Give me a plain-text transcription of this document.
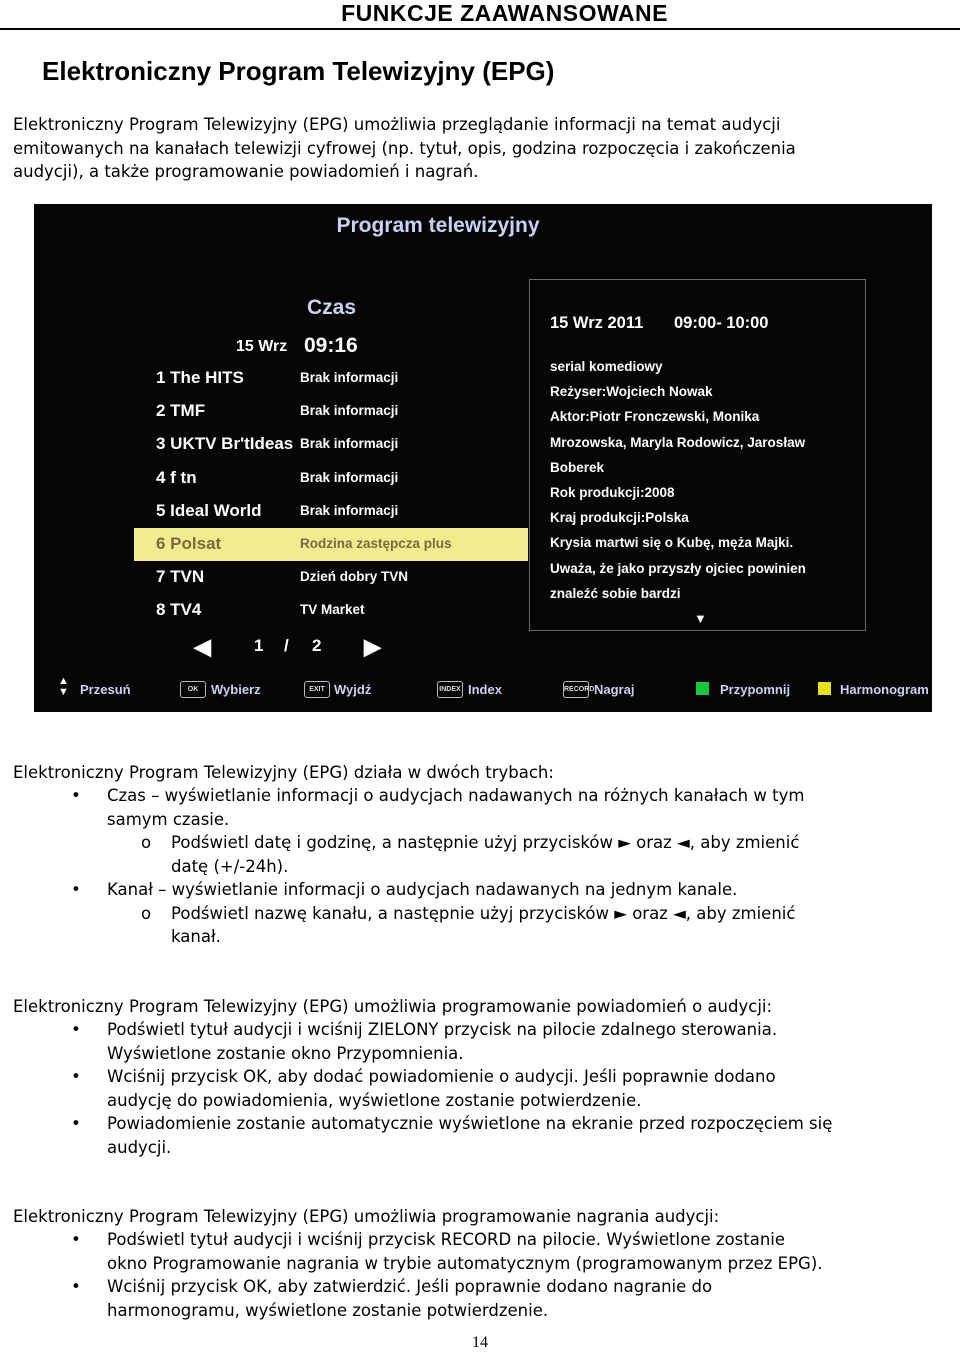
FUNKCJE ZAAWANSOWANE
Elektroniczny Program Telewizyjny (EPG)
Elektroniczny Program Telewizyjny (EPG) umożliwia przeglądanie informacji na temat audycji
emitowanych na kanałach telewizji cyfrowej (np. tytuł, opis, godzina rozpoczęcia i zakończenia
audycji), a także programowanie powiadomień i nagrań.
Program telewizyjny
Czas
15 Wrz 09:16
1 The HITS	Brak informacji
2 TMF	Brak informacji
3 UKTV Br'tIdeas Brak informacji
4 f tn	Brak informacji
5 Ideal World	Brak informacji
6 Polsat	Rodzina zastępcza plus
7 TVN	Dzień dobry TVN
8 TV4	TV Market
◀	1 / 2 ▶
15 Wrz 2011 09:00- 10:00
serial komediowy
Reżyser:Wojciech Nowak
Aktor:Piotr Fronczewski, Monika
Mrozowska, Maryla Rodowicz, Jarosław
Boberek
Rok produkcji:2008
Kraj produkcji:Polska
Krysia martwi się o Kubę, męża Majki.
Uważa, że jako przyszły ojciec powinien
znaleźć sobie bardzi
▼
▲
▼ Przesuń	OK Wybierz	EXIT Wyjdź	INDEX Index	RECORD Nagraj	Przypomnij	Harmonogram
Elektroniczny Program Telewizyjny (EPG) działa w dwóch trybach:
• Czas – wyświetlanie informacji o audycjach nadawanych na różnych kanałach w tym
samym czasie.
o Podświetl datę i godzinę, a następnie użyj przycisków ► oraz ◄, aby zmienić
datę (+/-24h).
• Kanał – wyświetlanie informacji o audycjach nadawanych na jednym kanale.
o Podświetl nazwę kanału, a następnie użyj przycisków ► oraz ◄, aby zmienić
kanał.
Elektroniczny Program Telewizyjny (EPG) umożliwia programowanie powiadomień o audycji:
• Podświetl tytuł audycji i wciśnij ZIELONY przycisk na pilocie zdalnego sterowania.
Wyświetlone zostanie okno Przypomnienia.
• Wciśnij przycisk OK, aby dodać powiadomienie o audycji. Jeśli poprawnie dodano
audycję do powiadomienia, wyświetlone zostanie potwierdzenie.
• Powiadomienie zostanie automatycznie wyświetlone na ekranie przed rozpoczęciem się
audycji.
Elektroniczny Program Telewizyjny (EPG) umożliwia programowanie nagrania audycji:
• Podświetl tytuł audycji i wciśnij przycisk RECORD na pilocie. Wyświetlone zostanie
okno Programowanie nagrania w trybie automatycznym (programowanym przez EPG).
• Wciśnij przycisk OK, aby zatwierdzić. Jeśli poprawnie dodano nagranie do
harmonogramu, wyświetlone zostanie potwierdzenie.
14
